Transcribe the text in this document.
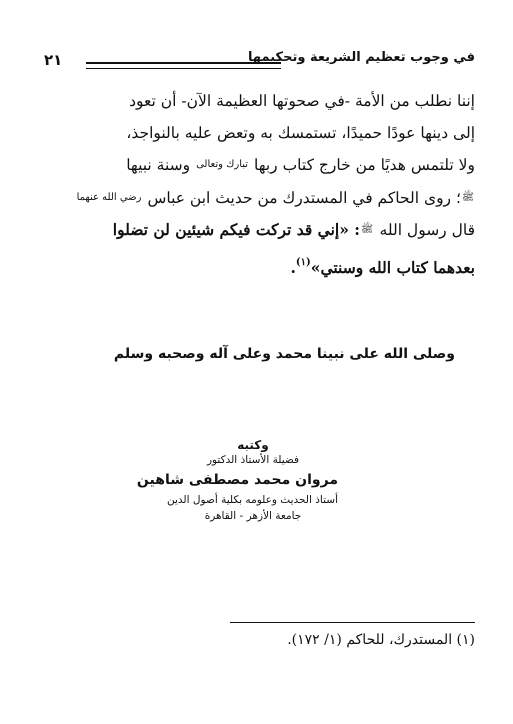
في وجوب تعظيم الشريعة وتحكيمها
٢١

إننا نطلب من الأمة -في صحوتها العظيمة الآن- أن تعود

إلى دينها عودًا حميدًا، تستمسك به وتعض عليه بالنواجذ،

ولا تلتمس هديًا من خارج كتاب ربها تبارك وتعالى وسنة نبيها

ﷺ؛ روى الحاكم في المستدرك من حديث ابن عباس رضي الله عنهما

قال رسول الله ﷺ: «إني قد تركت فيكم شيئين لن تضلوا

بعدهما كتاب الله وسنتي»$^{(١)}$.

وصلى الله على نبينا محمد وعلى آله وصحبه وسلم
وكتبه
فضيلة الأستاذ الدكتور
مروان محمد مصطفى شاهين
أستاذ الحديث وعلومه بكلية أصول الدين
جامعة الأزهر - القاهرة
(١) المستدرك، للحاكم (١/ ١٧٢).
